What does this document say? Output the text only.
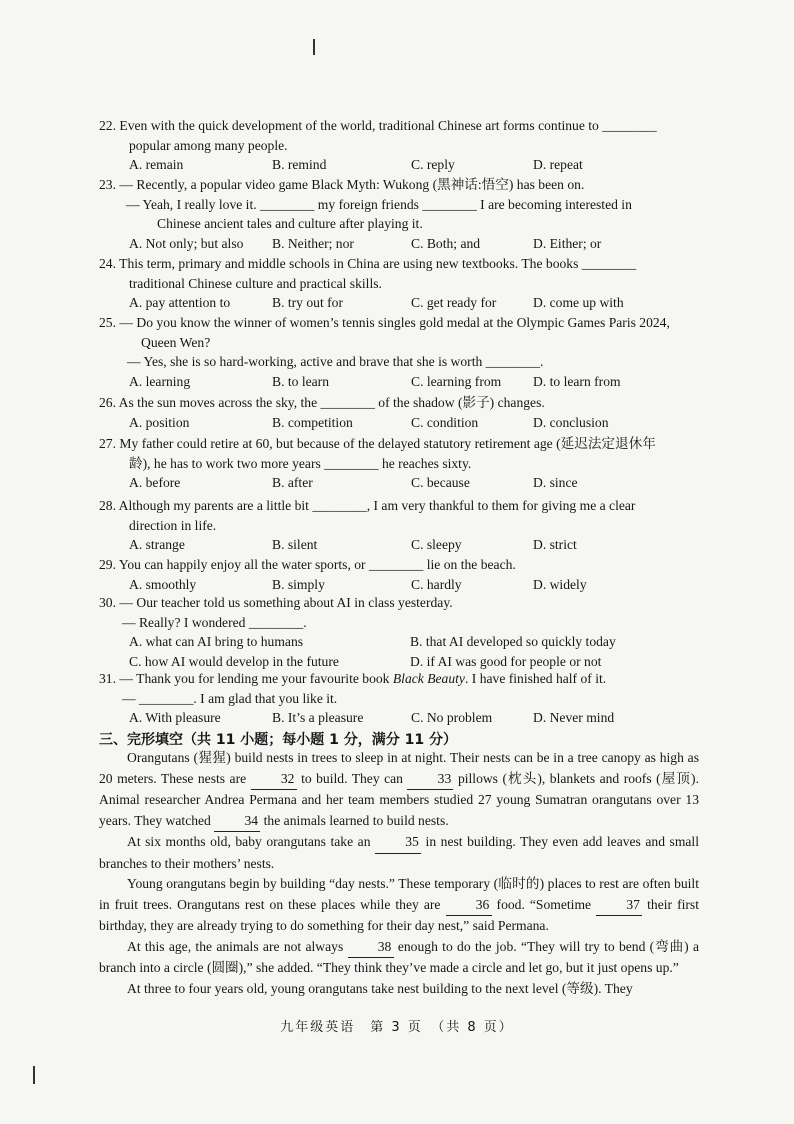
22. Even with the quick development of the world, traditional Chinese art forms continue to ________
popular among many people.
A. remain	B. remind	C. reply	D. repeat
23. — Recently, a popular video game Black Myth: Wukong (黑神话:悟空) has been on.
— Yeah, I really love it. ________ my foreign friends ________ I are becoming interested in
Chinese ancient tales and culture after playing it.
A. Not only; but also	B. Neither; nor	C. Both; and	D. Either; or
24. This term, primary and middle schools in China are using new textbooks. The books ________
traditional Chinese culture and practical skills.
A. pay attention to	B. try out for	C. get ready for	D. come up with
25. — Do you know the winner of women’s tennis singles gold medal at the Olympic Games Paris 2024,
Queen Wen?
— Yes, she is so hard-working, active and brave that she is worth ________.
A. learning	B. to learn	C. learning from	D. to learn from
26. As the sun moves across the sky, the ________ of the shadow (影子) changes.
A. position	B. competition	C. condition	D. conclusion
27. My father could retire at 60, but because of the delayed statutory retirement age (延迟法定退休年
龄), he has to work two more years ________ he reaches sixty.
A. before	B. after	C. because	D. since
28. Although my parents are a little bit ________, I am very thankful to them for giving me a clear
direction in life.
A. strange	B. silent	C. sleepy	D. strict
29. You can happily enjoy all the water sports, or ________ lie on the beach.
A. smoothly	B. simply	C. hardly	D. widely
30. — Our teacher told us something about AI in class yesterday.
— Really? I wondered ________.
A. what can AI bring to humans	B. that AI developed so quickly today
C. how AI would develop in the future	D. if AI was good for people or not
31. — Thank you for lending me your favourite book Black Beauty. I have finished half of it.
— ________. I am glad that you like it.
A. With pleasure	B. It’s a pleasure	C. No problem	D. Never mind
三、完形填空（共 11 小题；每小题 1 分，满分 11 分）

Orangutans (猩猩) build nests in trees to sleep in at night. Their nests can be in a tree canopy as high as 20 meters. These nests are 32 to build. They can 33 pillows (枕头), blankets and roofs (屋顶). Animal researcher Andrea Permana and her team members studied 27 young Sumatran orangutans over 13 years. They watched 34 the animals learned to build nests.

At six months old, baby orangutans take an 35 in nest building. They even add leaves and small branches to their mothers’ nests.

Young orangutans begin by building “day nests.” These temporary (临时的) places to rest are often built in fruit trees. Orangutans rest on these places while they are 36 food. “Sometime 37 their first birthday, they are already trying to do something for their day nest,” said Permana.

At this age, the animals are not always 38 enough to do the job. “They will try to bend (弯曲) a branch into a circle (圆圈),” she added. “They think they’ve made a circle and let go, but it just opens up.”

At three to four years old, young orangutans take nest building to the next level (等级). They

九年级英语　第 3 页　（共 8 页）
